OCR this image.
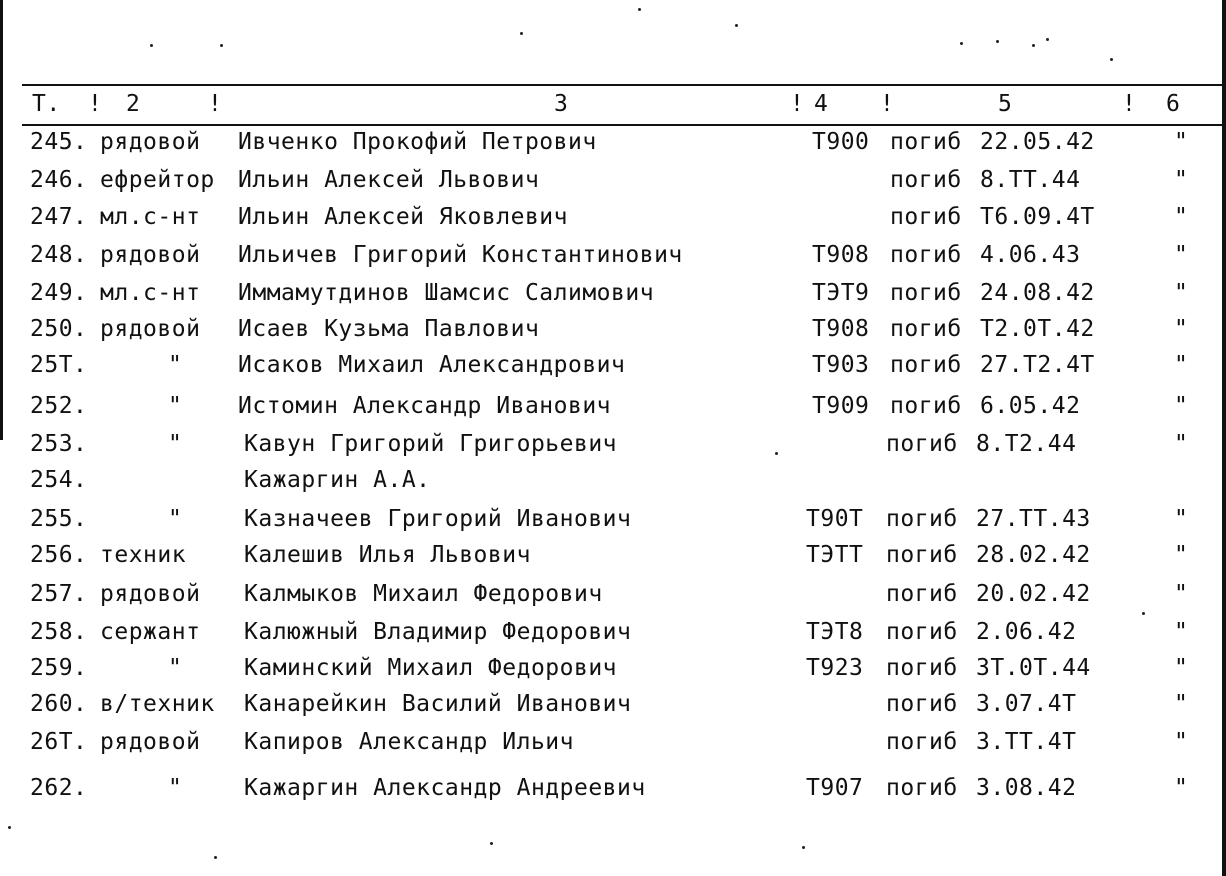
Т. ! 2	!	3	! 4 !	5	! 6
245. рядовой Ивченко Прокофий Петрович	Т900 погиб 22.05.42	"
246. ефрейтор Ильин Алексей Львович	погиб 8.ТТ.44	"
247. мл.с-нт Ильин Алексей Яковлевич	погиб Т6.09.4Т	"
248. рядовой Ильичев Григорий Константинович	Т908 погиб 4.06.43	"
249. мл.с-нт Иммамутдинов Шамсис Салимович	ТЭТ9 погиб 24.08.42	"
250. рядовой Исаев Кузьма Павлович	Т908 погиб Т2.0Т.42	"
25Т.	" Исаков Михаил Александрович	Т903 погиб 27.Т2.4Т	"
252.	" Истомин Александр Иванович	Т909 погиб 6.05.42	"
253.	"	Кавун Григорий Григорьевич	погиб 8.Т2.44	"
254.	Кажаргин А.А.
255.	"	Казначеев Григорий Иванович	Т90Т погиб 27.ТТ.43	"
256. техник	Калешив Илья Львович	ТЭТТ погиб 28.02.42	"
257. рядовой Калмыков Михаил Федорович	погиб 20.02.42	"
258. сержант Калюжный Владимир Федорович	ТЭТ8 погиб 2.06.42	"
259.	"	Каминский Михаил Федорович	Т923 погиб 3Т.0Т.44	"
260. в/техник Канарейкин Василий Иванович	погиб 3.07.4Т	"
26Т. рядовой Капиров Александр Ильич	погиб 3.ТТ.4Т	"
262.	"	Кажаргин Александр Андреевич	Т907 погиб 3.08.42	"
